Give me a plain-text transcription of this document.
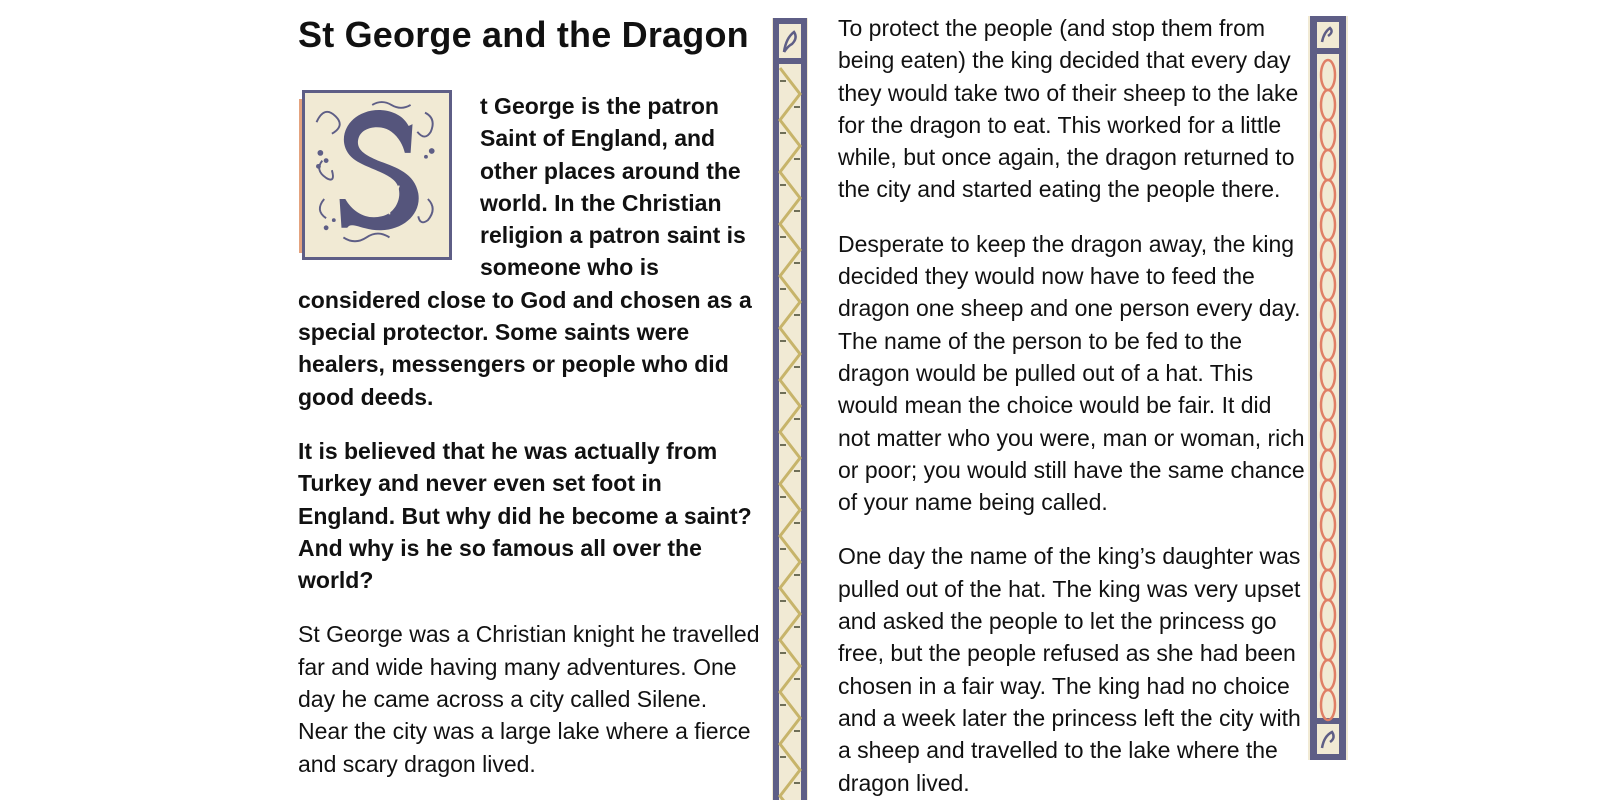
St George and the Dragon
t George is the patron Saint of England, and other places around the world. In the Christian religion a patron saint is someone who is considered close to God and chosen as a special protector. Some saints were healers, messengers or people who did good deeds.

It is believed that he was actually from Turkey and never even set foot in England. But why did he become a saint? And why is he so famous all over the world?

St George was a Christian knight he travelled far and wide having many adventures. One day he came across a city called Silene. Near the city was a large lake where a fierce and scary dragon lived.

To protect the people (and stop them from being eaten) the king decided that every day they would take two of their sheep to the lake for the dragon to eat. This worked for a little while, but once again, the dragon returned to the city and started eating the people there.

Desperate to keep the dragon away, the king decided they would now have to feed the dragon one sheep and one person every day. The name of the person to be fed to the dragon would be pulled out of a hat. This would mean the choice would be fair. It did not matter who you were, man or woman, rich or poor; you would still have the same chance of your name being called.

One day the name of the king’s daughter was pulled out of the hat. The king was very upset and asked the people to let the princess go free, but the people refused as she had been chosen in a fair way. The king had no choice and a week later the princess left the city with a sheep and travelled to the lake where the dragon lived.
